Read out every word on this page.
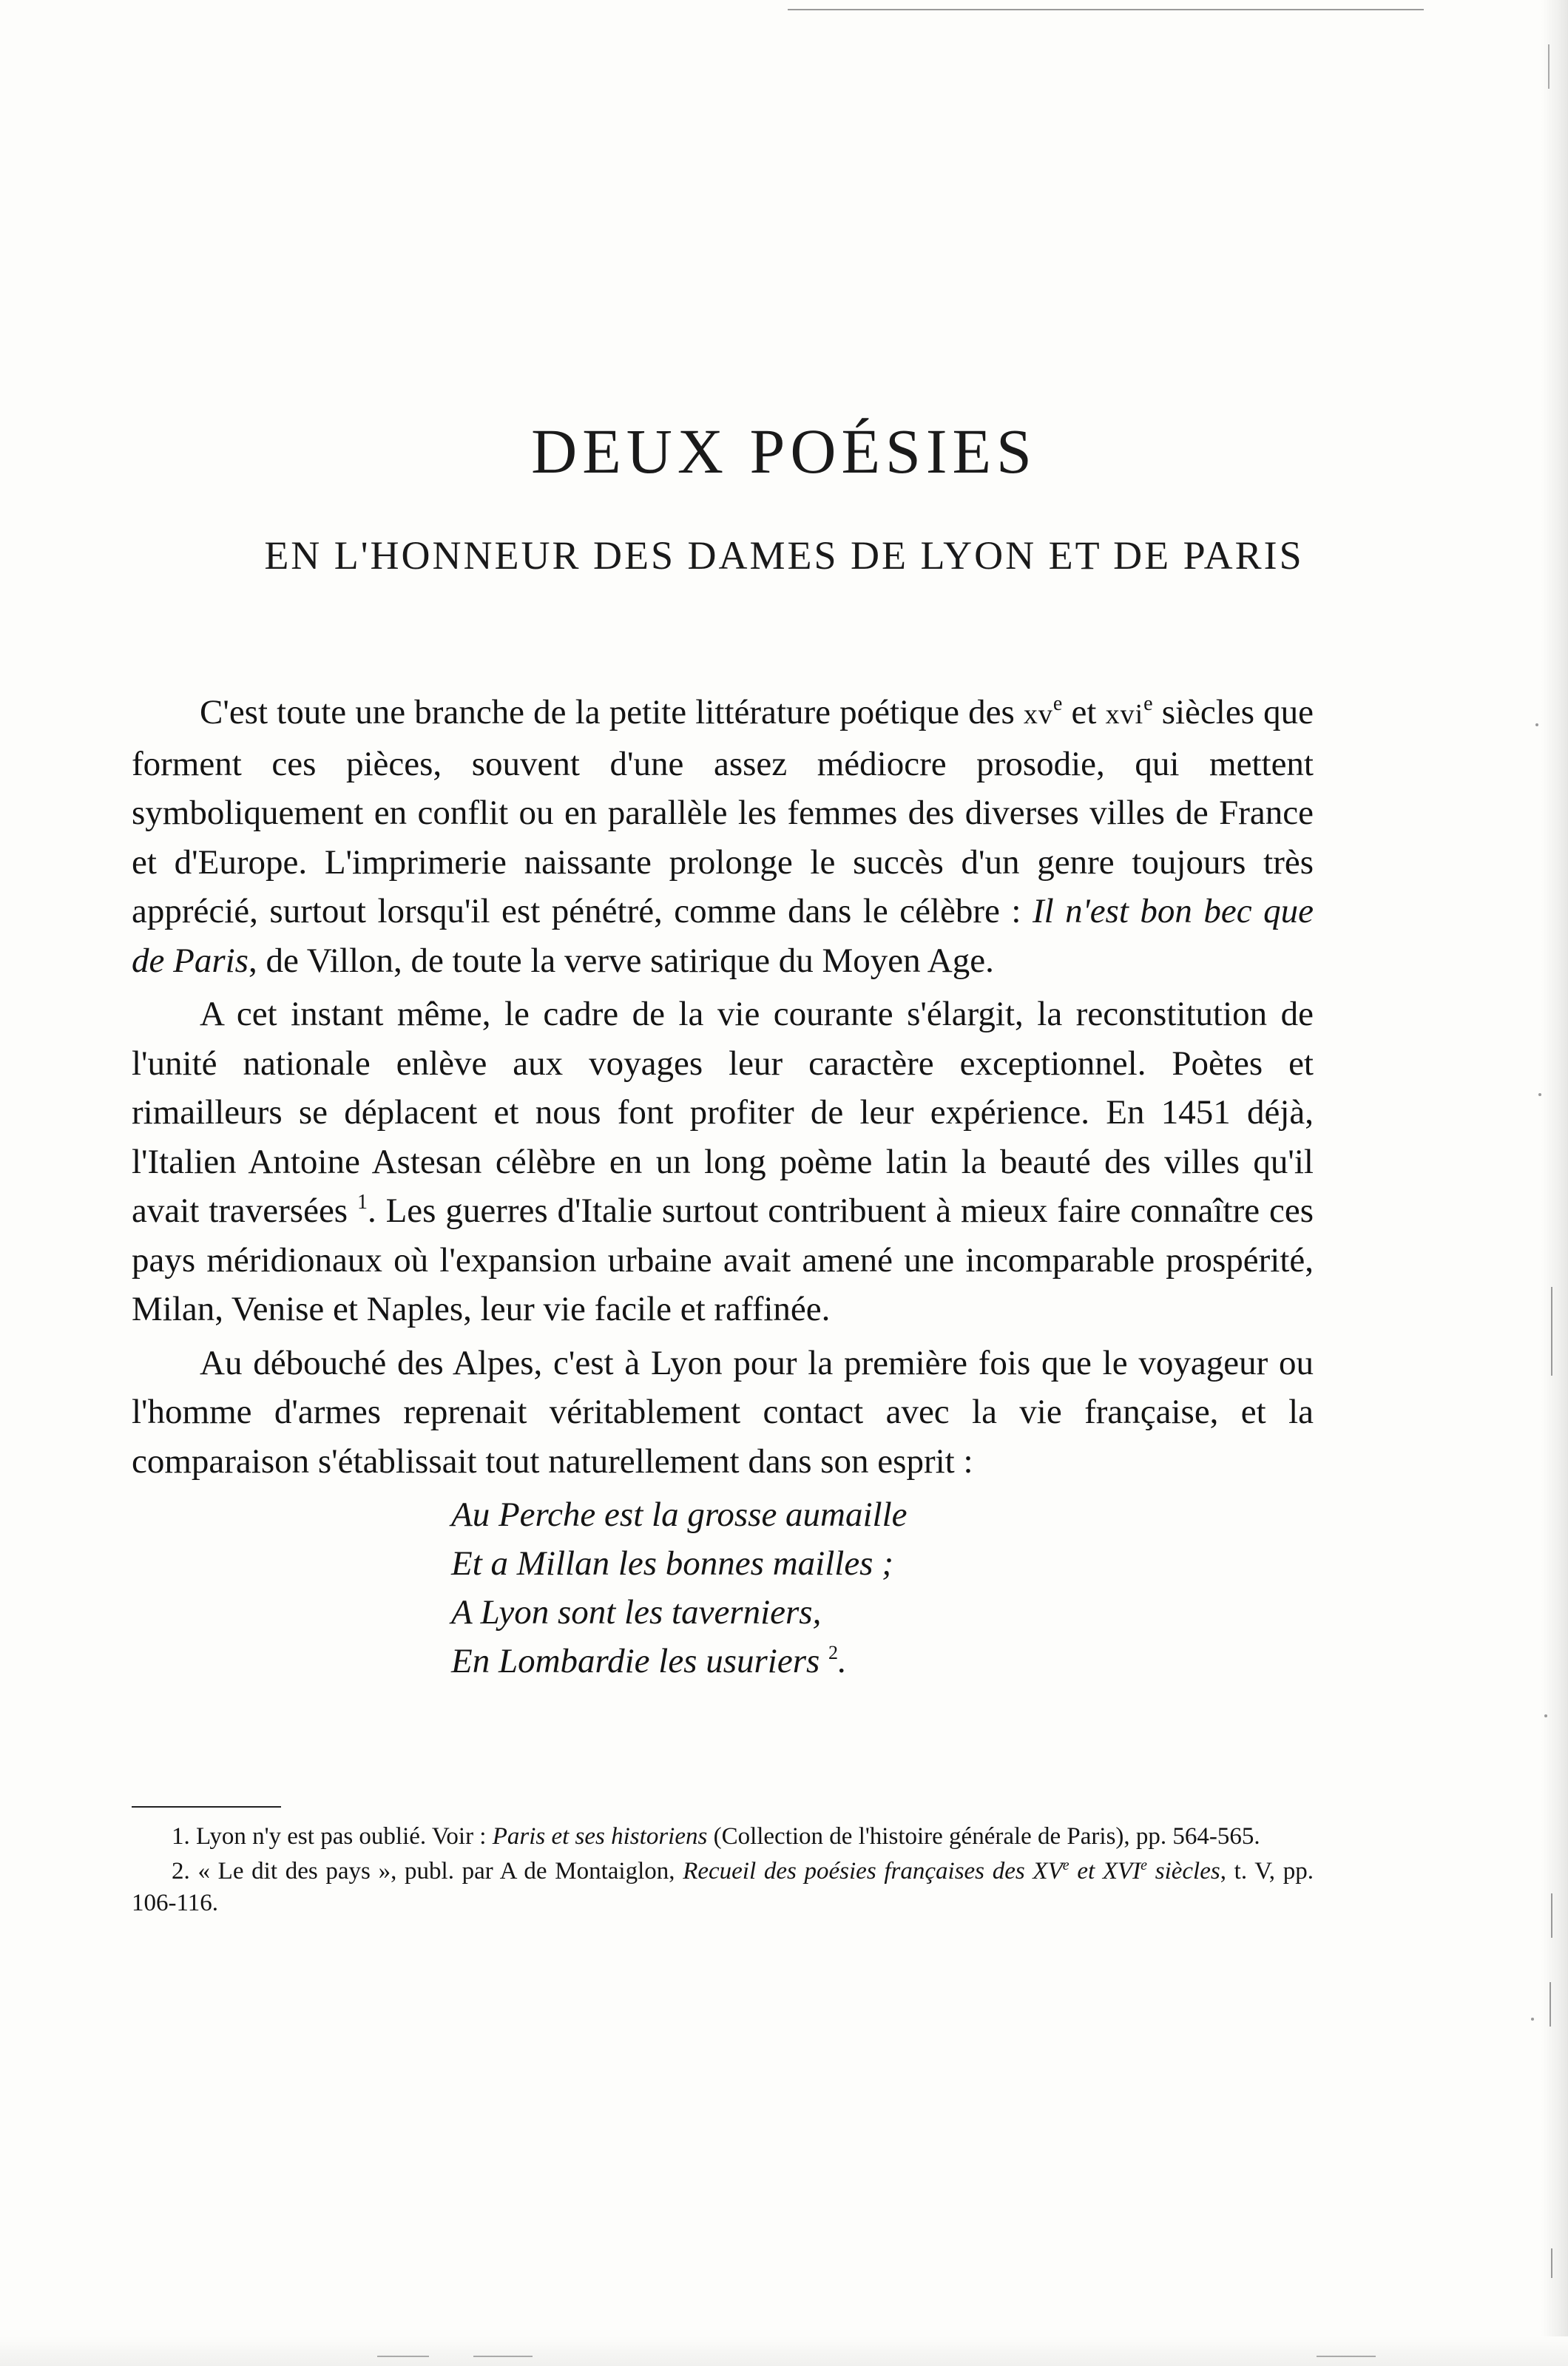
DEUX POÉSIES
EN L'HONNEUR DES DAMES DE LYON ET DE PARIS

C'est toute une branche de la petite littérature poétique des $xv^e$ et xvi$^e$ siècles que forment ces pièces, souvent d'une assez médiocre prosodie, qui mettent symboliquement en conflit ou en parallèle les femmes des diverses villes de France et d'Europe. L'imprimerie naissante prolonge le succès d'un genre toujours très apprécié, surtout lorsqu'il est pénétré, comme dans le célèbre : Il n'est bon bec que de Paris, de Villon, de toute la verve satirique du Moyen Age.

A cet instant même, le cadre de la vie courante s'élargit, la reconstitution de l'unité nationale enlève aux voyages leur caractère exceptionnel. Poètes et rimailleurs se déplacent et nous font profiter de leur expérience. En 1451 déjà, l'Italien Antoine Astesan célèbre en un long poème latin la beauté des villes qu'il avait traversées $^1$. Les guerres d'Italie surtout contribuent à mieux faire connaître ces pays méridionaux où l'expansion urbaine avait amené une incomparable prospérité, Milan, Venise et Naples, leur vie facile et raffinée.

Au débouché des Alpes, c'est à Lyon pour la première fois que le voyageur ou l'homme d'armes reprenait véritablement contact avec la vie française, et la comparaison s'établissait tout naturellement dans son esprit :

Au Perche est la grosse aumaille
Et a Millan les bonnes mailles ;
A Lyon sont les taverniers,
En Lombardie les usuriers $^2$.

1. Lyon n'y est pas oublié. Voir : Paris et ses historiens (Collection de l'histoire générale de Paris), pp. 564-565.

2. « Le dit des pays », publ. par A de Montaiglon, Recueil des poésies françaises des XVe et XVIe siècles, t. V, pp. 106-116.
